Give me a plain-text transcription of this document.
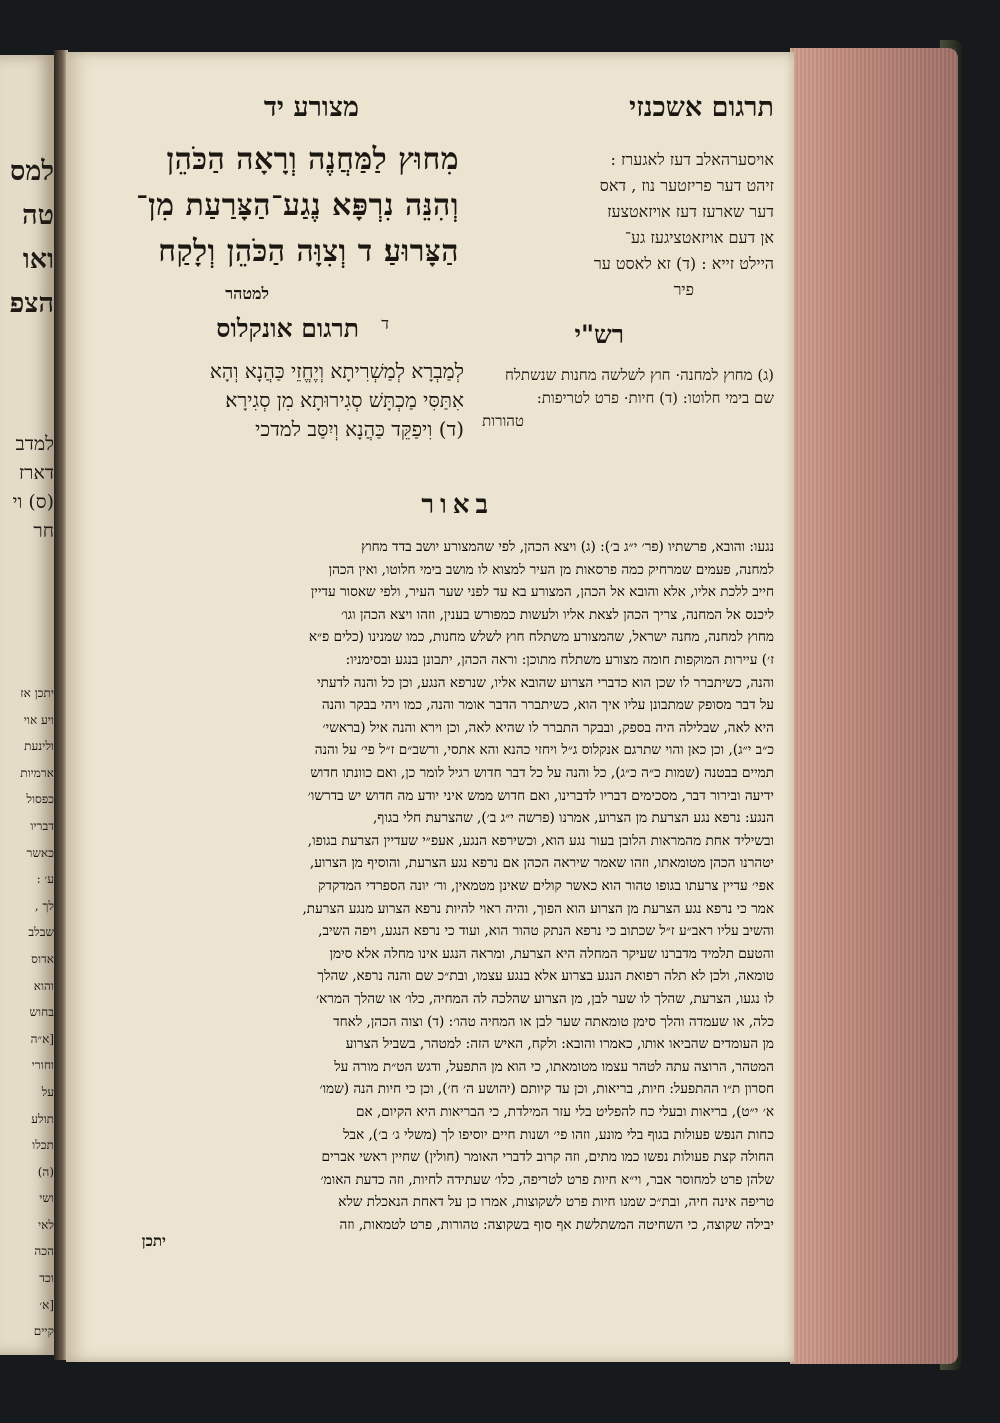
למס
טה
ואו
הצפ
למדב
דארז
(ס) וי
חר
יתכן אז
ויע אוי
ולינעת
ארמיות
כפסול
דבריו
כאשר
ע׳ :
לך ,
שבלב
אדוס
והוא
בחוש
[א״ה
וחורי
על
תולע
תכלו
(ה)
ושי
לאי
הכה
וכד
[א׳
קיים
תרגום אשכנזי
מצורע יד
אויסערהאלב דעז לאגערז :
זיהט דער פריזטער נוז , דאס
דער שארעז דעז אויזאטצעז
אן דעם אויזאטציגעז גע־
היילט זייא : (ד) זא לאסט ער
פיר
מִחוּץ לַמַּחֲנֶה וְרָאָה הַכֹּהֵן
וְהִנֵּה נִרְפָּא נֶגַע־הַצָּרַעַת מִן־
הַצָּרוּעַ׃ ד וְצִוָּה הַכֹּהֵן וְלָקַח
למטהר
רש"י
(ג) מחוץ למחנה· חוץ לשלשה מחנות שנשתלח
שם בימי חלוטו: (ד) חיות· פרט לטריפות:
טהורות
תרגום אונקלוס ד
לְמַבְרָא לְמַשְׁרִיתָא וְיֶחֱזֵי כַּהֲנָא וְהָא
אִתַּסִּי מַכְתָּשׁ סְגִירוּתָא מִן סְגִירָא׃
(ד) וִיפַקֵּד כַּהֲנָא וְיִסַּב למדכי
באור
נגעו: והובא, פרשתיו (פר׳ י״ג ב׳): (ג) ויצא הכהן, לפי שהמצורע יושב בדד מחוץ
למחנה, פעמים שמרחיק כמה פרסאות מן העיר למצוא לו מושב בימי חלוטו, ואין הכהן
חייב ללכת אליו, אלא והובא אל הכהן, המצורע בא עד לפני שער העיר, ולפי שאסור עדיין
ליכנס אל המחנה, צריך הכהן לצאת אליו ולעשות כמפורש בענין, וזהו ויצא הכהן וגו׳
מחוץ למחנה, מחנה ישראל, שהמצורע משתלח חוץ לשלש מחנות, כמו שמנינו (כלים פ״א
ז׳) עיירות המוקפות חומה מצורע משתלח מתוכן: וראה הכהן, יתבונן בנגע ובסימניו:
והנה, כשיתברר לו שכן הוא כדברי הצרוע שהובא אליו, שנרפא הנגע, וכן כל והנה לדעתי
על דבר מסופק שמתבונן עליו איך הוא, כשיתברר הדבר אומר והנה, כמו ויהי בבקר והנה
היא לאה, שבלילה היה בספק, ובבקר התברר לו שהיא לאה, וכן וירא והנה איל (בראשי׳
כ״ב י״ג), וכן כאן והוי שתרגם אנקלוס ג״ל ויחזי כהנא והא אתסי, ורשב״ם ז״ל פי׳ על והנה
תמיים בבטנה (שמות כ״ה כ״ג), כל והנה על כל דבר חדוש רגיל לומר כן, ואם כוונתו חדוש
ידיעה ובירור דבר, מסכימים דבריו לדברינו, ואם חדוש ממש איני יודע מה חדוש יש בדרשו׳
הנגע: נרפא נגע הצרעת מן הצרוע, אמרנו (פרשה י״ג ב׳), שהצרעת חלי בגוף,
ובשיליד אחת מהמראות הלובן בעור נגע הוא, וכשירפא הנגע, אעפ״י שעדיין הצרעת בגופו,
יטהרנו הכהן מטומאתו, וזהו שאמר שיראה הכהן אם נרפא נגע הצרעת, והוסיף מן הצרוע,
אפי׳ עדיין צרעתו בגופו טהור הוא כאשר קולים שאינן מטמאין, ור׳ יונה הספרדי המדקדק
אמר כי נרפא נגע הצרעת מן הצרוע הוא הפוך, והיה ראוי להיות נרפא הצרוע מנגע הצרעת,
והשיב עליו ראב״ע ז״ל שכתוב כי נרפא הנתק טהור הוא, ועוד כי נרפא הנגע, ויפה השיב,
והטעם תלמיד מדברנו שעיקר המחלה היא הצרעת, ומראה הנגע אינו מחלה אלא סימן
טומאה, ולכן לא תלה רפואת הנגע בצרוע אלא בנגע עצמו, ובת״כ שם והנה נרפא, שהלך
לו נגעו, הצרעת, שהלך לו שער לבן, מן הצרוע שהלכה לה המחיה, כלו׳ או שהלך המרא׳
כלה, או שעמדה והלך סימן טומאתה שער לבן או המחיה טהו׳: (ד) וצוה הכהן, לאחד
מן העומדים שהביאו אותו, כאמרו והובא: ולקח, האיש הזה: למטהר, בשביל הצרוע
המטהר, הרוצה עתה לטהר עצמו מטומאתו, כי הוא מן התפעל, ודגש הט״ת מורה על
חסרון ת״ו ההתפעל: חיות, בריאות, וכן עד קיותם (יהושע ה׳ ח׳), וכן כי חיות הנה (שמו׳
א׳ י״ט), בריאות ובעלי כח להפליט בלי עזר המילדת, כי הבריאות היא הקיום, אם
כחות הנפש פעולות בגוף בלי מונע, וזהו פי׳ ושנות חיים יוסיפו לך (משלי ג׳ ב׳), אבל
החולה קצת פעולות נפשו כמו מתים, וזה קרוב לדברי האומר (חולין) שחיין ראשי אברים
שלהן פרט למחוסר אבר, וי״א חיות פרט לטריפה, כלו׳ שעתידה לחיות, וזה כדעת האומ׳
טריפה אינה חיה, ובת״כ שמנו חיות פרט לשקוצות, אמרו כן על דאחת הנאכלת שלא
יבילה שקוצה, כי השחיטה המשתלשת אף סוף בשקוצה: טהורות, פרט לטמאות, וזה
יתכן
